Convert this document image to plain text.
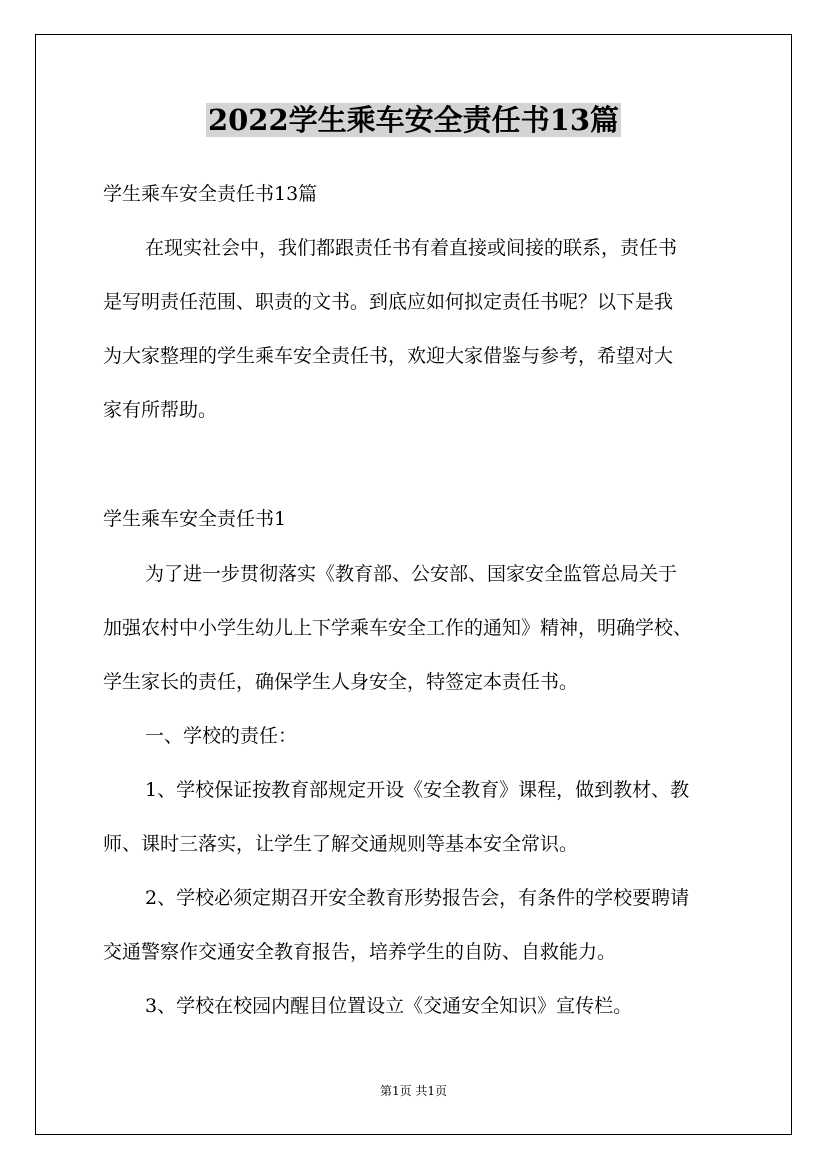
2022学生乘车安全责任书13篇
学生乘车安全责任书13篇
在现实社会中，我们都跟责任书有着直接或间接的联系，责任书
是写明责任范围、职责的文书。到底应如何拟定责任书呢？以下是我
为大家整理的学生乘车安全责任书，欢迎大家借鉴与参考，希望对大
家有所帮助。
学生乘车安全责任书1
为了进一步贯彻落实《教育部、公安部、国家安全监管总局关于
加强农村中小学生幼儿上下学乘车安全工作的通知》精神，明确学校、
学生家长的责任，确保学生人身安全，特签定本责任书。
一、学校的责任：
1、学校保证按教育部规定开设《安全教育》课程，做到教材、教
师、课时三落实，让学生了解交通规则等基本安全常识。
2、学校必须定期召开安全教育形势报告会，有条件的学校要聘请
交通警察作交通安全教育报告，培养学生的自防、自救能力。
3、学校在校园内醒目位置设立《交通安全知识》宣传栏。
第1页 共1页
